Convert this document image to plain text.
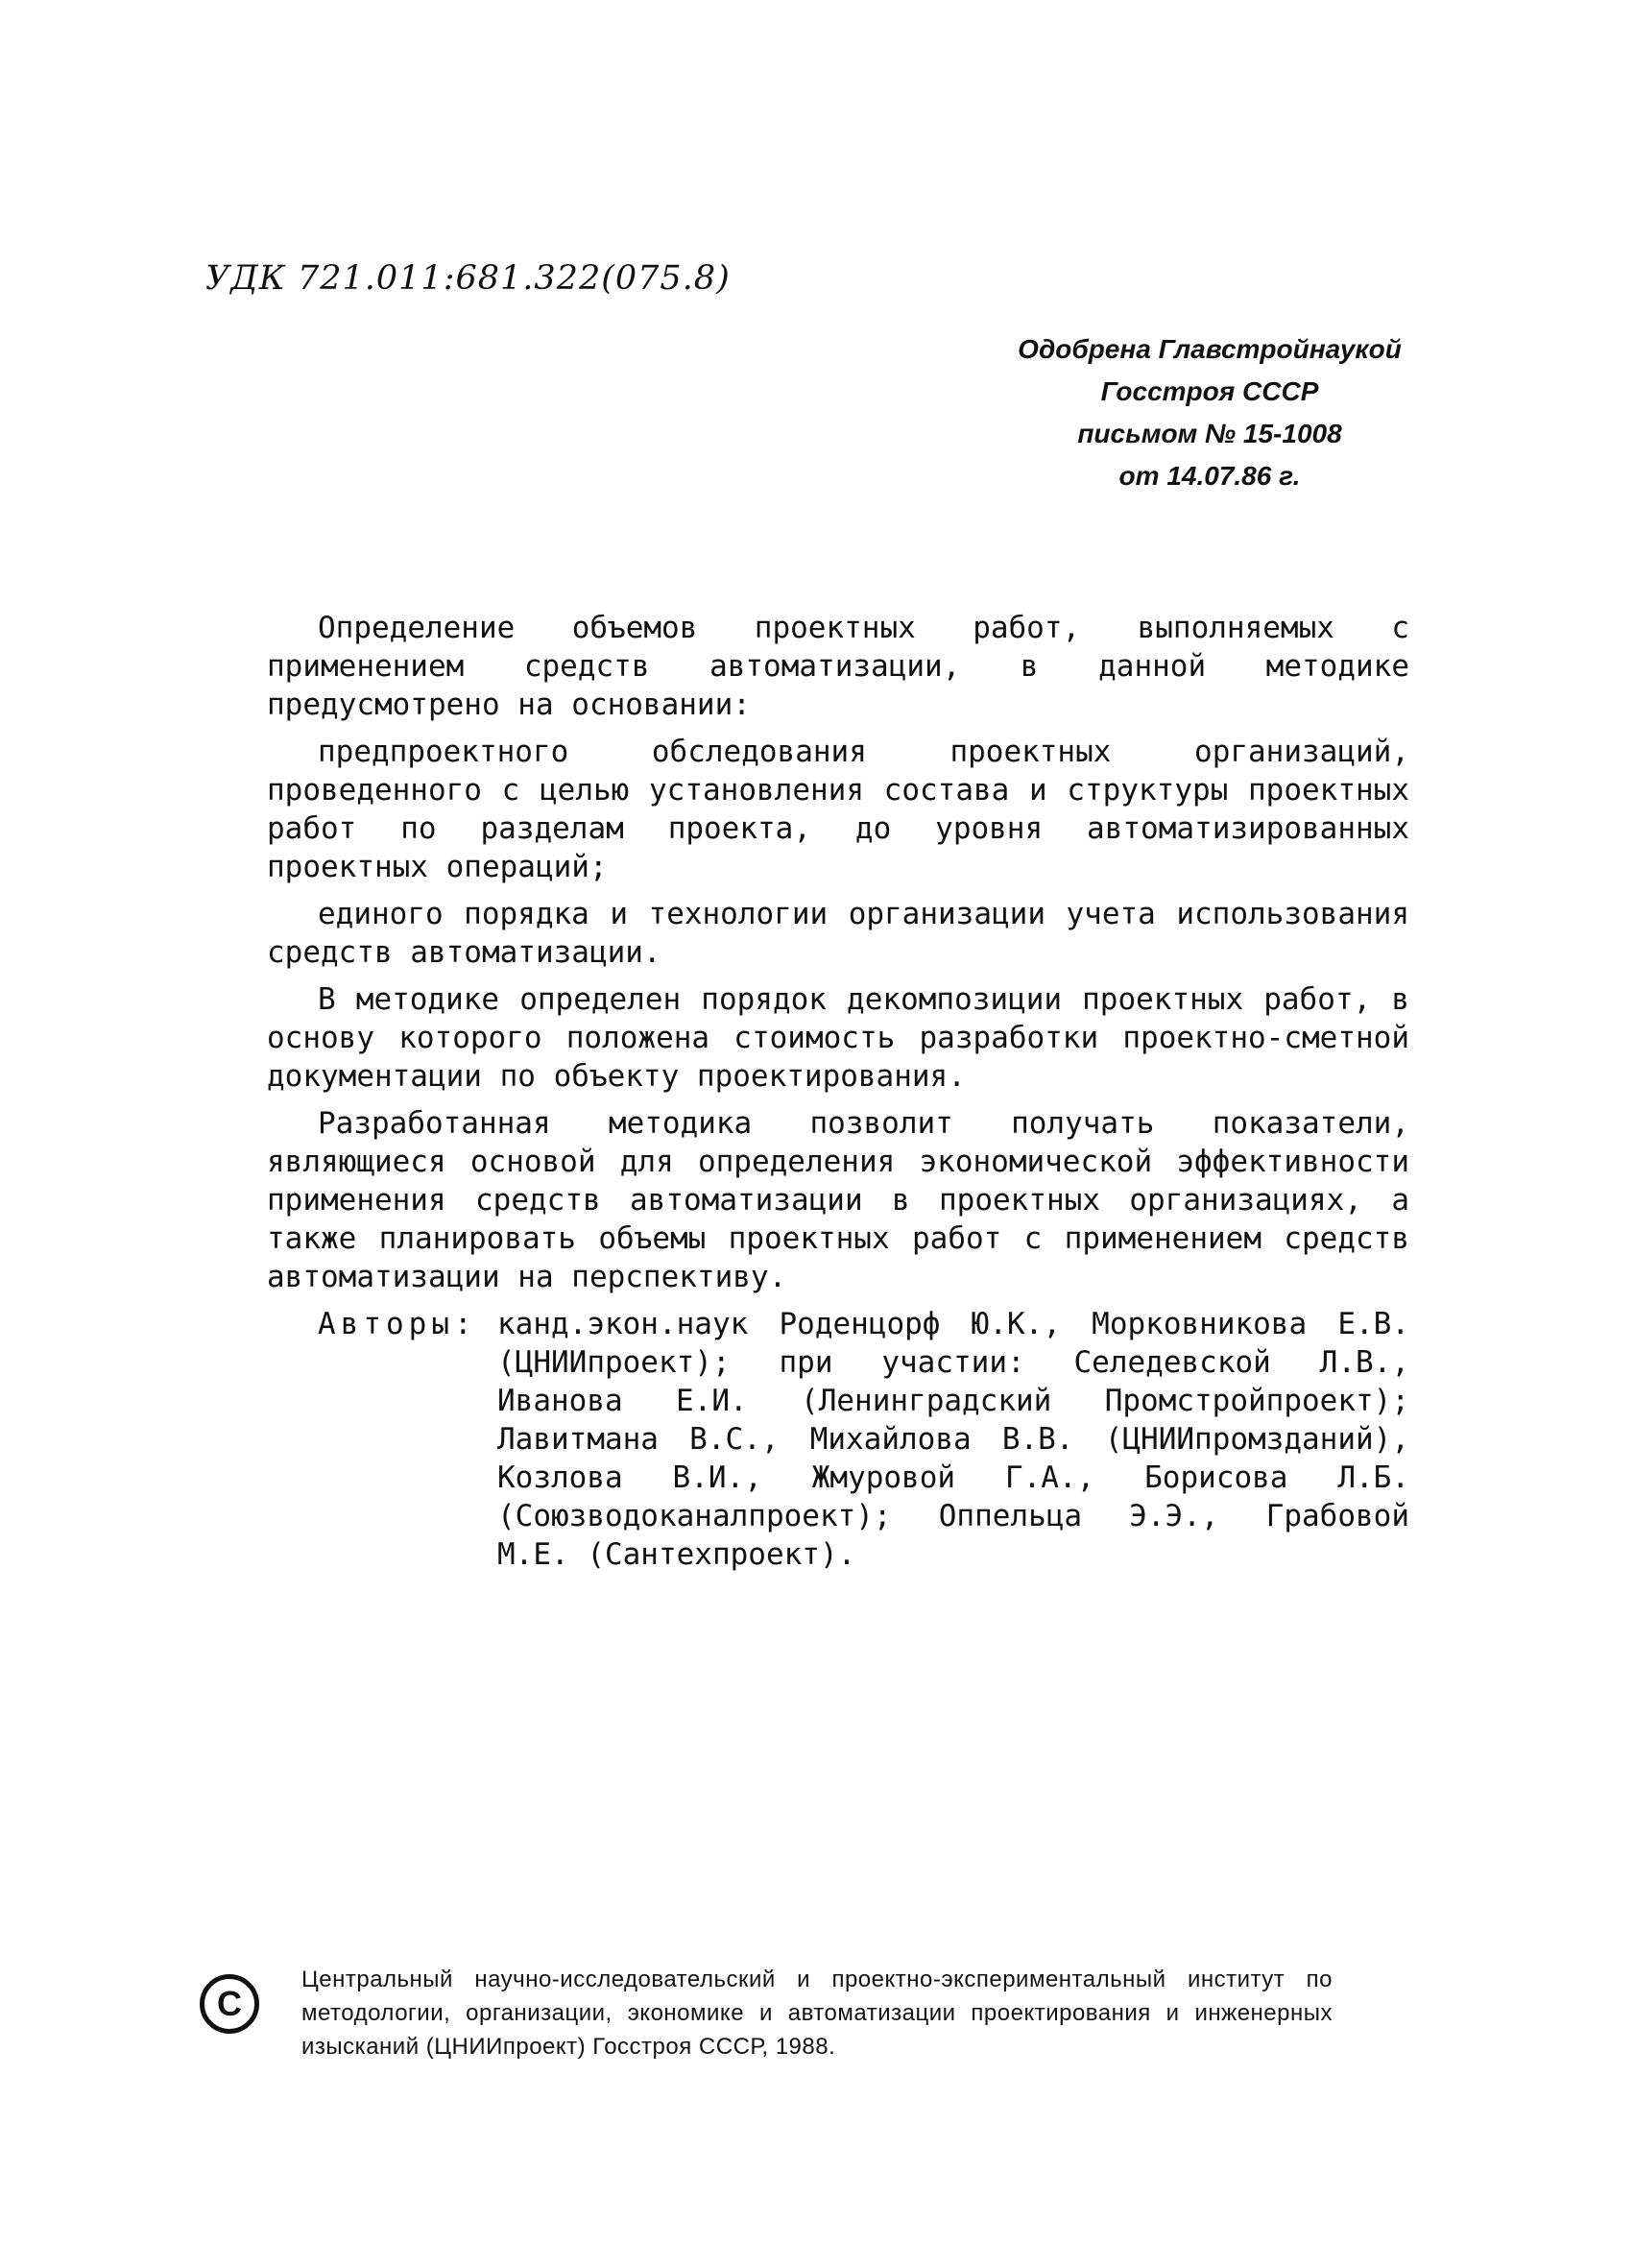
УДК 721.011:681.322(075.8)
Одобрена Главстройнаукой
Госстроя СССР
письмом № 15-1008
от 14.07.86 г.

Определение объемов проектных работ, выполняемых с применением средств автоматизации, в данной методике предусмотрено на основании:

предпроектного обследования проектных организаций, проведенного с целью установления состава и структуры проектных работ по разделам проекта, до уровня автоматизированных проектных операций;

единого порядка и технологии организации учета использования средств автоматизации.

В методике определен порядок декомпозиции проектных работ, в основу которого положена стоимость разработки проектно-сметной документации по объекту проектирования.

Разработанная методика позволит получать показатели, являющиеся основой для определения экономической эффективности применения средств автоматизации в проектных организациях, а также планировать объемы проектных работ с применением средств автоматизации на перспективу.

Авторы: канд.экон.наук Роденцорф Ю.К., Морковникова Е.В. (ЦНИИпроект); при участии: Селедевской Л.В., Иванова Е.И. (Ленинградский Промстройпроект); Лавитмана В.С., Михайлова В.В. (ЦНИИпромзданий), Козлова В.И., Жмуровой Г.А., Борисова Л.Б. (Союзводоканалпроект); Оппельца Э.Э., Грабовой М.Е. (Сантехпроект).
C
Центральный научно-исследовательский и проектно-экспериментальный институт по методологии, организации, экономике и автоматизации проектирования и инженерных изысканий (ЦНИИпроект) Госстроя СССР, 1988.
